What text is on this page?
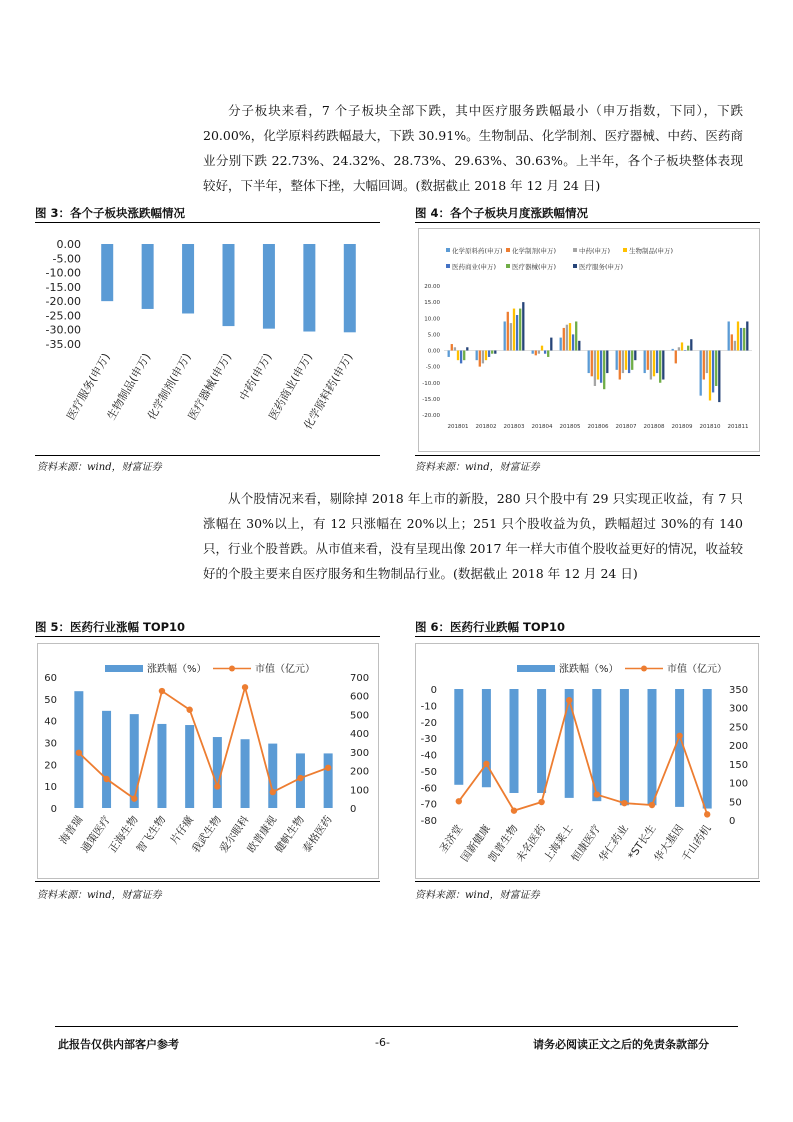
分子板块来看，7 个子板块全部下跌，其中医疗服务跌幅最小（申万指数，下同），下跌 20.00%，化学原料药跌幅最大，下跌 30.91%。生物制品、化学制剂、医疗器械、中药、医药商业分别下跌 22.73%、24.32%、28.73%、29.63%、30.63%。上半年，各个子板块整体表现较好，下半年，整体下挫，大幅回调。(数据截止 2018 年 12 月 24 日)

图 3：各个子板块涨跌幅情况	图 4：各个子板块月度涨跌幅情况
0.00
-5.00
-10.00
-15.00
-20.00
-25.00
-30.00
-35.00
医疗服务(申万)
生物制品(申万)
化学制剂(申万)
医疗器械(申万) 中药(申万)
医药商业(申万)
化学原料药(申万)
化学原料药(申万) 化学制剂(申万)	中药(申万)	生物制品(申万)
医药商业(申万) 医疗器械(申万)	医疗服务(申万)
20.00
15.00
10.00
5.00
0.00
-5.00
-10.00
-15.00
-20.00
201801 201802 201803 201804 201805 201806 201807 201808 201809 201810 201811
资料来源：wind，财富证券	资料来源：wind，财富证券

从个股情况来看，剔除掉 2018 年上市的新股，280 只个股中有 29 只实现正收益，有 7 只涨幅在 30%以上，有 12 只涨幅在 20%以上；251 只个股收益为负，跌幅超过 30%的有 140 只，行业个股普跌。从市值来看，没有呈现出像 2017 年一样大市值个股收益更好的情况，收益较好的个股主要来自医疗服务和生物制品行业。(数据截止 2018 年 12 月 24 日)

图 5：医药行业涨幅 TOP10	图 6：医药行业跌幅 TOP10
涨跌幅（%）	市值（亿元）
60
50
40
30
20
10
0
700
600
500
400
300
200
100
0
海普瑞
通策医疗
正海生物
智飞生物 片仔癀
我武生物
爱尔眼科
欧普康视
健帆生物
泰格医药
涨跌幅（%）	市值（亿元）
0
-10
-20
-30
-40
-50
-60
-70
-80
350
300
250
200
150
100
50
0
圣济堂
国新健康
凯普生物
未名医药
上海莱士
恒康医疗
华仁药业
*ST长生
华大基因
千山药机
资料来源：wind，财富证券	资料来源：wind，财富证券
此报告仅供内部客户参考	-6-	请务必阅读正文之后的免责条款部分
